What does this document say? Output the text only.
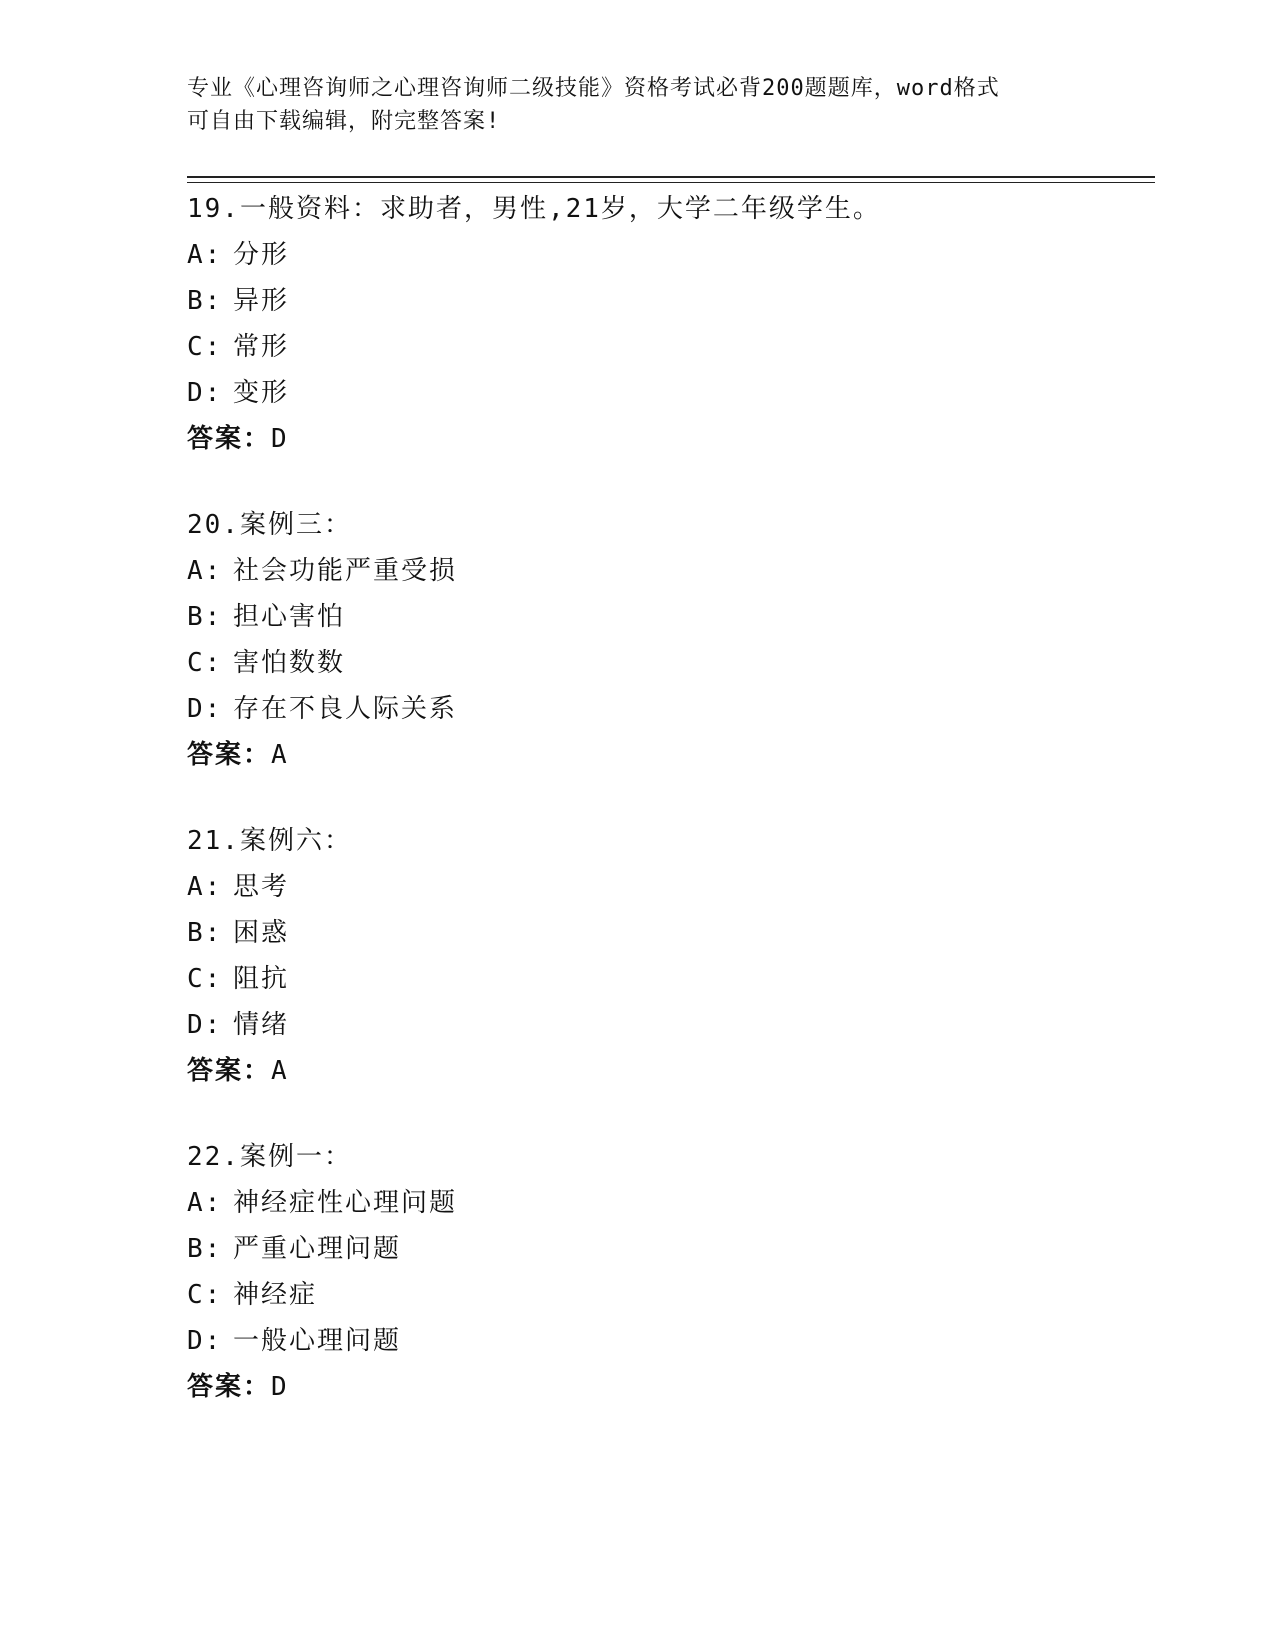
专业《心理咨询师之心理咨询师二级技能》资格考试必背200题题库，word格式
可自由下载编辑，附完整答案!
19.一般资料：求助者，男性,21岁，大学二年级学生。
A: 分形
B: 异形
C: 常形
D: 变形
答案：D
20.案例三：
A: 社会功能严重受损
B: 担心害怕
C: 害怕数数
D: 存在不良人际关系
答案：A
21.案例六：
A: 思考
B: 困惑
C: 阻抗
D: 情绪
答案：A
22.案例一：
A: 神经症性心理问题
B: 严重心理问题
C: 神经症
D: 一般心理问题
答案：D
